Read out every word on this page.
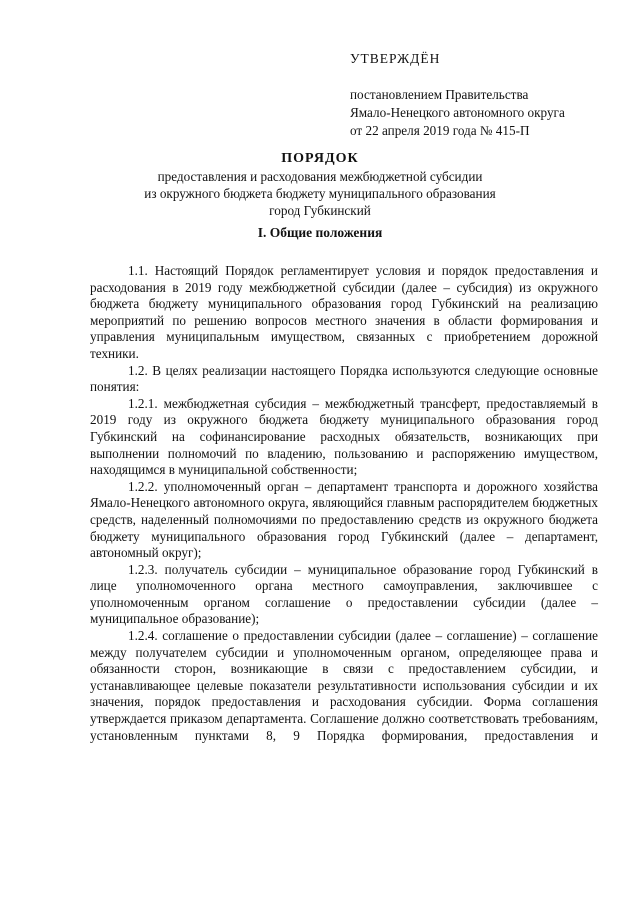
УТВЕРЖДЁН
постановлением Правительства
Ямало-Ненецкого автономного округа
от 22 апреля 2019 года № 415-П
ПОРЯДОК
предоставления и расходования межбюджетной субсидии
из окружного бюджета бюджету муниципального образования
город Губкинский
I. Общие положения

1.1. Настоящий Порядок регламентирует условия и порядок предоставления и расходования в 2019 году межбюджетной субсидии (далее – субсидия) из окружного бюджета бюджету муниципального образования город Губкинский на реализацию мероприятий по решению вопросов местного значения в области формирования и управления муниципальным имуществом, связанных с приобретением дорожной техники.

1.2. В целях реализации настоящего Порядка используются следующие основные понятия:

1.2.1. межбюджетная субсидия – межбюджетный трансферт, предоставляемый в 2019 году из окружного бюджета бюджету муниципального образования город Губкинский на софинансирование расходных обязательств, возникающих при выполнении полномочий по владению, пользованию и распоряжению имуществом, находящимся в муниципальной собственности;

1.2.2. уполномоченный орган – департамент транспорта и дорожного хозяйства Ямало-Ненецкого автономного округа, являющийся главным распорядителем бюджетных средств, наделенный полномочиями по предоставлению средств из окружного бюджета бюджету муниципального образования город Губкинский (далее – департамент, автономный округ);

1.2.3. получатель субсидии – муниципальное образование город Губкинский в лице уполномоченного органа местного самоуправления, заключившее с уполномоченным органом соглашение о предоставлении субсидии (далее – муниципальное образование);

1.2.4. соглашение о предоставлении субсидии (далее – соглашение) – соглашение между получателем субсидии и уполномоченным органом, определяющее права и обязанности сторон, возникающие в связи с предоставлением субсидии, и устанавливающее целевые показатели результативности использования субсидии и их значения, порядок предоставления и расходования субсидии. Форма соглашения утверждается приказом департамента. Соглашение должно соответствовать требованиям, установленным пунктами 8, 9 Порядка формирования, предоставления и
